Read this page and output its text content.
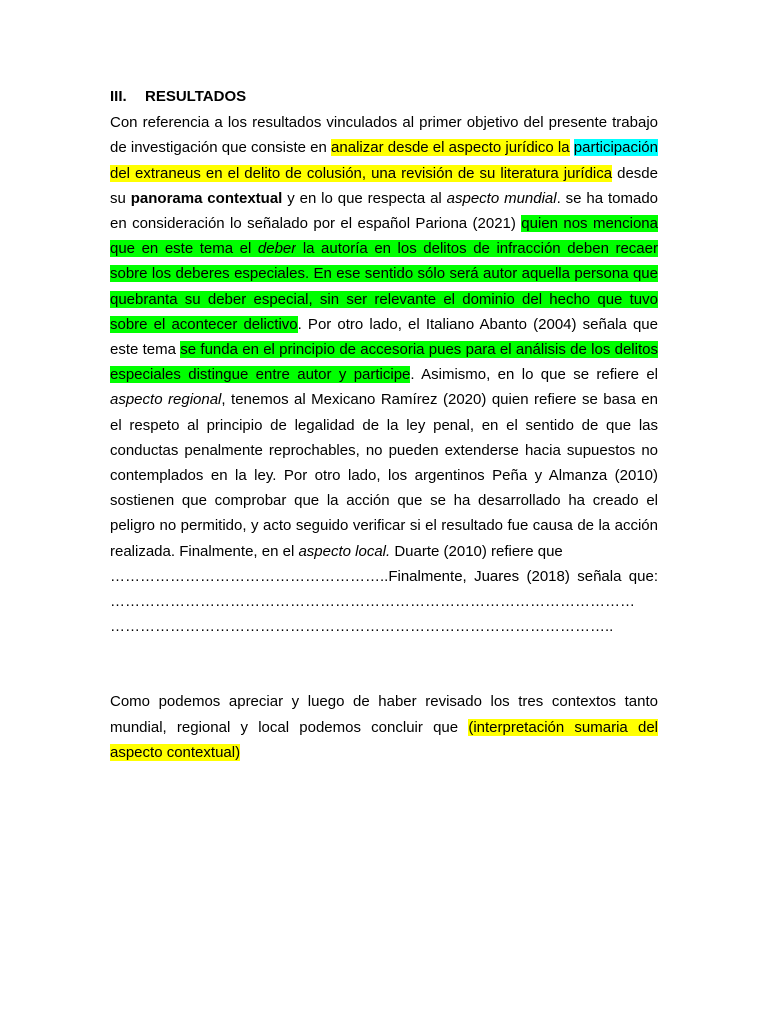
III.	RESULTADOS

Con referencia a los resultados vinculados al primer objetivo del presente trabajo de investigación que consiste en analizar desde el aspecto jurídico la participación del extraneus en el delito de colusión, una revisión de su literatura jurídica desde su panorama contextual y en lo que respecta al aspecto mundial. se ha tomado en consideración lo señalado por el español Pariona (2021) quien nos menciona que en este tema el deber la autoría en los delitos de infracción deben recaer sobre los deberes especiales. En ese sentido sólo será autor aquella persona que quebranta su deber especial, sin ser relevante el dominio del hecho que tuvo sobre el acontecer delictivo. Por otro lado, el Italiano Abanto (2004) señala que este tema se funda en el principio de accesoria pues para el análisis de los delitos especiales distingue entre autor y participe. Asimismo, en lo que se refiere el aspecto regional, tenemos al Mexicano Ramírez (2020) quien refiere se basa en el respeto al principio de legalidad de la ley penal, en el sentido de que las conductas penalmente reprochables, no pueden extenderse hacia supuestos no contemplados en la ley. Por otro lado, los argentinos Peña y Almanza (2010) sostienen que comprobar que la acción que se ha desarrollado ha creado el peligro no permitido, y acto seguido verificar si el resultado fue causa de la acción realizada. Finalmente, en el aspecto local. Duarte (2010) refiere que

………………………………………………..Finalmente, Juares (2018) señala que:
……………………………………………………………………………………………
………………………………………………………………………………………..

Como podemos apreciar y luego de haber revisado los tres contextos tanto mundial, regional y local podemos concluir que (interpretación sumaria del aspecto contextual)
